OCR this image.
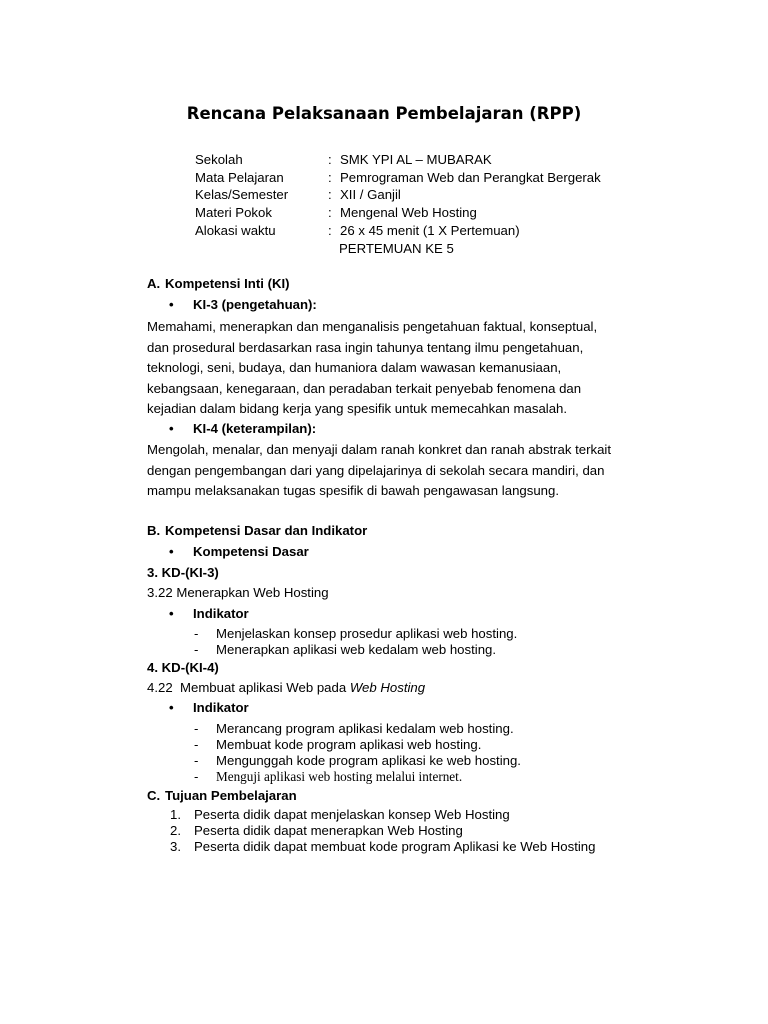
Rencana Pelaksanaan Pembelajaran (RPP)
Sekolah	: SMK YPI AL – MUBARAK
Mata Pelajaran	: Pemrograman Web dan Perangkat Bergerak
Kelas/Semester	: XII / Ganjil
Materi Pokok	: Mengenal Web Hosting
Alokasi waktu	: 26 x 45 menit (1 X Pertemuan)
PERTEMUAN KE 5
A. Kompetensi Inti (KI)
• KI-3 (pengetahuan):
Memahami, menerapkan dan menganalisis pengetahuan faktual, konseptual,
dan prosedural berdasarkan rasa ingin tahunya tentang ilmu pengetahuan,
teknologi, seni, budaya, dan humaniora dalam wawasan kemanusiaan,
kebangsaan, kenegaraan, dan peradaban terkait penyebab fenomena dan
kejadian dalam bidang kerja yang spesifik untuk memecahkan masalah.
• KI-4 (keterampilan):
Mengolah, menalar, dan menyaji dalam ranah konkret dan ranah abstrak terkait
dengan pengembangan dari yang dipelajarinya di sekolah secara mandiri, dan
mampu melaksanakan tugas spesifik di bawah pengawasan langsung.
B. Kompetensi Dasar dan Indikator
• Kompetensi Dasar
3. KD-(KI-3)
3.22 Menerapkan Web Hosting
• Indikator
- Menjelaskan konsep prosedur aplikasi web hosting.
- Menerapkan aplikasi web kedalam web hosting.
4. KD-(KI-4)
4.22  Membuat aplikasi Web pada Web Hosting
• Indikator
- Merancang program aplikasi kedalam web hosting.
- Membuat kode program aplikasi web hosting.
- Mengunggah kode program aplikasi ke web hosting.
- Menguji aplikasi web hosting melalui internet.
C. Tujuan Pembelajaran
1. Peserta didik dapat menjelaskan konsep Web Hosting
2. Peserta didik dapat menerapkan Web Hosting
3. Peserta didik dapat membuat kode program Aplikasi ke Web Hosting
